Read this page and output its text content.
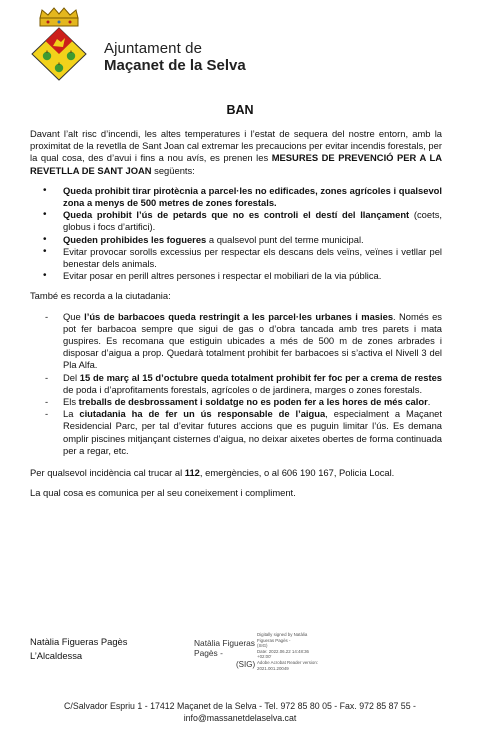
Ajuntament de
Maçanet de la Selva
BAN

Davant l’alt risc d’incendi, les altes temperatures i l’estat de sequera del nostre entorn, amb la proximitat de la revetlla de Sant Joan cal extremar les precaucions per evitar incendis forestals, per la qual cosa, des d’avui i fins a nou avís, es prenen les MESURES DE PREVENCIÓ PER A LA REVETLLA DE SANT JOAN següents:

• Queda prohibit tirar pirotècnia a parcel·les no edificades, zones agrícoles i qualsevol zona a menys de 500 metres de zones forestals.
• Queda prohibit l’ús de petards que no es controli el destí del llançament (coets, globus i focs d’artifici).
• Queden prohibides les fogueres a qualsevol punt del terme municipal.
• Evitar provocar sorolls excessius per respectar els descans dels veïns, veïnes i vetllar pel benestar dels animals.
• Evitar posar en perill altres persones i respectar el mobiliari de la via pública.

També es recorda a la ciutadania:

- Que l’ús de barbacoes queda restringit a les parcel·les urbanes i masies. Només es pot fer barbacoa sempre que sigui de gas o d’obra tancada amb tres parets i mata guspires. Es recomana que estiguin ubicades a més de 500 m de zones arbrades i disposar d’aigua a prop. Quedarà totalment prohibit fer barbacoes si s’activa el Nivell 3 del Pla Alfa.
- Del 15 de març al 15 d’octubre queda totalment prohibit fer foc per a crema de restes de poda i d’aprofitaments forestals, agrícoles o de jardinera, marges o zones forestals.
- Els treballs de desbrossament i soldatge no es poden fer a les hores de més calor.
- La ciutadania ha de fer un ús responsable de l’aigua, especialment a Maçanet Residencial Parc, per tal d’evitar futures accions que es puguin limitar l’ús. Es demana omplir piscines mitjançant cisternes d’aigua, no deixar aixetes obertes de forma continuada per a regar, etc.

Per qualsevol incidència cal trucar al 112, emergències, o al 606 190 167, Policia Local.

La qual cosa es comunica per al seu coneixement i compliment.

Natàlia Figueras Pagès
L’Alcaldessa
Natàlia Figueras
Pagès -
(SIG)
Digitally signed by Natàlia
Figueras Pagès -
(SIG)
Date: 2022.06.22 14:48:36
+02:00'
Adobe Acrobat Reader version:
2021.001.20049
C/Salvador Espriu 1 - 17412 Maçanet de la Selva - Tel. 972 85 80 05 - Fax. 972 85 87 55 -
info@massanetdelaselva.cat
